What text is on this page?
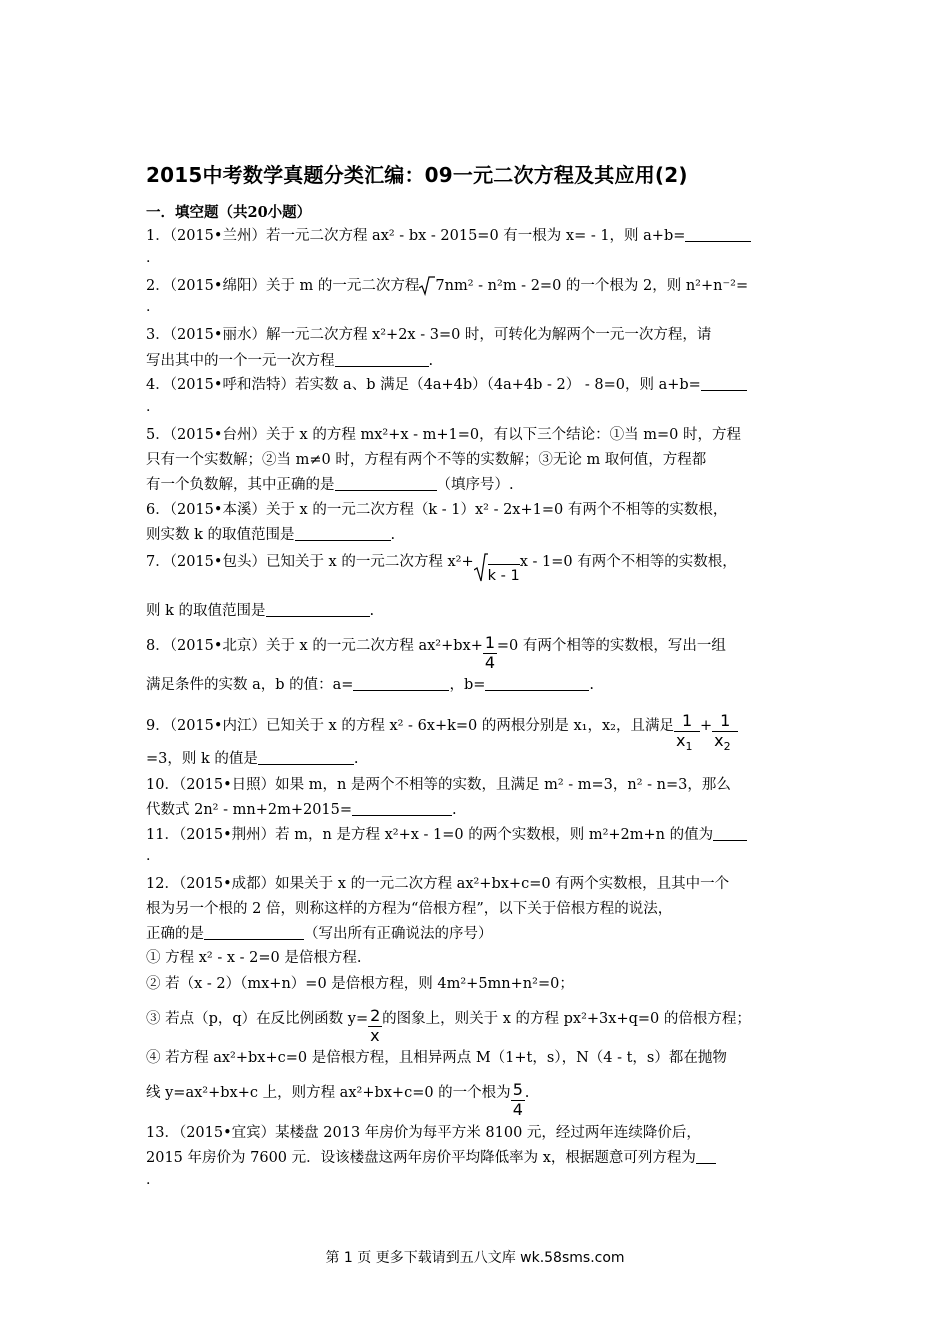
2015中考数学真题分类汇编：09一元二次方程及其应用(2)
一．填空题（共20小题）
1．（2015•兰州）若一元二次方程 ax² ‑ bx ‑ 2015=0 有一根为 x= ‑ 1，则 a+b=
.
2．（2015•绵阳）关于 m 的一元二次方程 7nm² ‑ n²m ‑ 2=0 的一个根为 2，则 n²+n⁻²=
.
3．（2015•丽水）解一元二次方程 x²+2x ‑ 3=0 时，可转化为解两个一元一次方程，请
写出其中的一个一元一次方程	.
4．（2015•呼和浩特）若实数 a、b 满足（4a+4b）（4a+4b ‑ 2） ‑ 8=0，则 a+b=
.
5．（2015•台州）关于 x 的方程 mx²+x ‑ m+1=0，有以下三个结论：①当 m=0 时，方程
只有一个实数解；②当 m≠0 时，方程有两个不等的实数解；③无论 m 取何值，方程都
有一个负数解，其中正确的是	（填序号）.
6．（2015•本溪）关于 x 的一元二次方程（k ‑ 1）x² ‑ 2x+1=0 有两个不相等的实数根，
则实数 k 的取值范围是	.
7．（2015•包头）已知关于 x 的一元二次方程 x²+k - 1x ‑ 1=0 有两个不相等的实数根，
则 k 的取值范围是	.
8．（2015•北京）关于 x 的一元二次方程 $ax^2+bx+ \frac{1}{4} =0$ 有两个相等的实数根，写出一组
满足条件的实数 a，b 的值：a=	，b=	.
9．（2015•内江）已知关于 x 的方程 x² ‑ 6x+k=0 的两根分别是 x₁，x₂，且满足 $\frac{1}{x_1} + \frac{1}{x_2}$
=3，则 k 的值是	.
10．（2015•日照）如果 m，n 是两个不相等的实数，且满足 m² ‑ m=3，n² ‑ n=3，那么
代数式 2n² ‑ mn+2m+2015=	.
11．（2015•荆州）若 m，n 是方程 x²+x ‑ 1=0 的两个实数根，则 m²+2m+n 的值为
.
12．（2015•成都）如果关于 x 的一元二次方程 ax²+bx+c=0 有两个实数根，且其中一个
根为另一个根的 2 倍，则称这样的方程为“倍根方程”，以下关于倍根方程的说法，
正确的是	（写出所有正确说法的序号）
① 方程 x² ‑ x ‑ 2=0 是倍根方程.
② 若（x ‑ 2）（mx+n）=0 是倍根方程，则 4m²+5mn+n²=0；
③ 若点（p，q）在反比例函数 $y= \frac{2}{x}$ 的图象上，则关于 x 的方程 px²+3x+q=0 的倍根方程；
④ 若方程 ax²+bx+c=0 是倍根方程，且相异两点 M（1+t，s），N（4 ‑ t，s）都在抛物
线 y=ax²+bx+c 上，则方程 ax²+bx+c=0 的一个根为 $\frac{5}{4}$ .
13．（2015•宜宾）某楼盘 2013 年房价为每平方米 8100 元，经过两年连续降价后，
2015 年房价为 7600 元．设该楼盘这两年房价平均降低率为 x，根据题意可列方程为
.
第 1 页 更多下载请到五八文库 wk.58sms.com
